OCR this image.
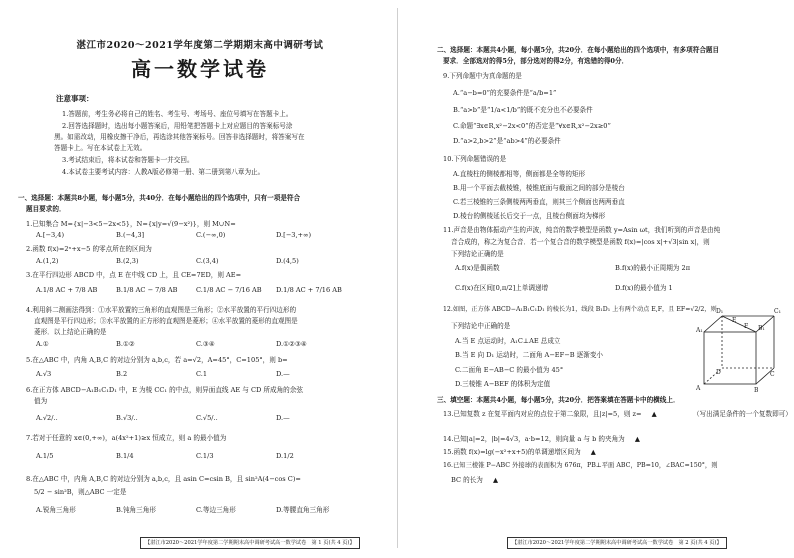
湛江市2020～2021学年度第二学期期末高中调研考试
高一数学试卷
注意事项：
1.答题前，考生务必将自己的姓名、考生号、考场号、座位号填写在答题卡上。
2.回答选择题时，选出每小题答案后，用铅笔把答题卡上对应题目的答案标号涂
黑。如需改动，用橡皮擦干净后，再选涂其他答案标号。回答非选择题时，将答案写在
答题卡上。写在本试卷上无效。
3.考试结束后，将本试卷和答题卡一并交回。
4.本试卷主要考试内容：人教A版必修第一册、第二册到第八章为止。
一、选择题：本题共8小题，每小题5分，共40分．在每小题给出的四个选项中，只有一项是符合
题目要求的．
1.已知集合 M={x|−3<5−2x<5}，N={x|y=√(9−x²)}，则 M∪N=
A.[−3,4)	B.(−4,3]	C.(−∞,0)	D.[−3,+∞)
2.函数 f(x)=2ˣ+x−5 的零点所在的区间为
A.(1,2)	B.(2,3)	C.(3,4)	D.(4,5)
3.在平行四边形 ABCD 中，点 E 在中线 CD 上，且 CE=7ED，则 AE=
A.1/8 AC + 7/8 AB	B.1/8 AC − 7/8 AB	C.1/8 AC − 7/16 AB D.1/8 AC + 7/16 AB
4.利用斜二测画法得到：①水平放置的三角形的直观图是三角形；②水平放置的平行四边形的
直观图是平行四边形；③水平放置的正方形的直观图是菱形；④水平放置的菱形的直观图是
菱形．以上结论正确的是
A.①	B.①②	C.③④	D.①②③④
5.在△ABC 中，内角 A,B,C 的对边分别为 a,b,c，若 a=√2，A=45°，C=105°，则 b=
A.√3	B.2	C.1	D.—
6.在正方体 ABCD−A₁B₁C₁D₁ 中，E 为棱 CC₁ 的中点，则异面直线 AE 与 CD 所成角的余弦
值为
A.√2/..	B.√3/..	C.√5/..	D.—
7.若对于任意的 x∈(0,+∞)，a(4x²+1)≥x 恒成立，则 a 的最小值为
A.1/5	B.1/4	C.1/3	D.1/2
8.在△ABC 中，内角 A,B,C 的对边分别为 a,b,c，且 asin C=csin B，且 sin²A(4−cos C)=
5/2 − sin²B，则△ABC 一定是
A.锐角三角形	B.钝角三角形	C.等边三角形	D.等腰直角三角形
【湛江市2020～2021学年度第二学期期末高中调研考试高一数学试卷　第 1 页(共 4 页)】
二、选择题：本题共4小题，每小题5分，共20分．在每小题给出的四个选项中，有多项符合题目
要求．全部选对的得5分，部分选对的得2分，有选错的得0分．
9.下列命题中为真命题的是
A.“a−b=0”的充要条件是“a/b=1”
B.“a>b”是“1/a<1/b”的既不充分也不必要条件
C.命题“∃x∈R,x²−2x<0”的否定是“∀x∈R,x²−2x≥0”
D.“a>2,b>2”是“ab>4”的必要条件
10.下列命题错误的是
A.直棱柱的侧棱都相等，侧面都是全等的矩形
B.用一个平面去截棱锥，棱锥底面与截面之间的部分是棱台
C.若三棱锥的三条侧棱两两垂直，则其三个侧面也两两垂直
D.棱台的侧棱延长后交于一点，且棱台侧面均为梯形
11.声音是由物体振动产生的声波，纯音的数学模型是函数 y=Asin ωt，我们听到的声音是由纯
音合成的，称之为复合音．若一个复合音的数学模型是函数 f(x)=|cos x|+√3|sin x|，则
下列结论正确的是
A.f(x)是偶函数	B.f(x)的最小正周期为 2π
C.f(x)在区间[0,π/2]上单调递增	D.f(x)的最小值为 1
12.如图，正方体 ABCD−A₁B₁C₁D₁ 的棱长为1，线段 B₁D₁ 上有两个动点 E,F，且 EF=√2/2，则
下列结论中正确的是
A.当 E 点运动时，A₁C⊥AE 总成立
B.当 E 向 D₁ 运动时，二面角 A−EF−B 逐渐变小
C.二面角 E−AB−C 的最小值为 45°
D.三棱锥 A−BEF 的体积为定值
D₁	C₁
A₁	B₁
E
F
D	C
A	B
三、填空题：本题共4小题，每小题5分，共20分．把答案填在答题卡中的横线上．
13.已知复数 z 在复平面内对应的点位于第二象限，且|z|=5，则 z= ▲	（写出满足条件的一个复数即可）
14.已知|a|=2，|b|=4√3，a·b=12，则向量 a 与 b 的夹角为 ▲
15.函数 f(x)=lg(−x²+x+5)的单调递增区间为 ▲
16.已知三棱锥 P−ABC 外接球的表面积为 676π，PB⊥平面 ABC，PB=10，∠BAC=150°，则
BC 的长为 ▲
【湛江市2020～2021学年度第二学期期末高中调研考试高一数学试卷　第 2 页(共 4 页)】
